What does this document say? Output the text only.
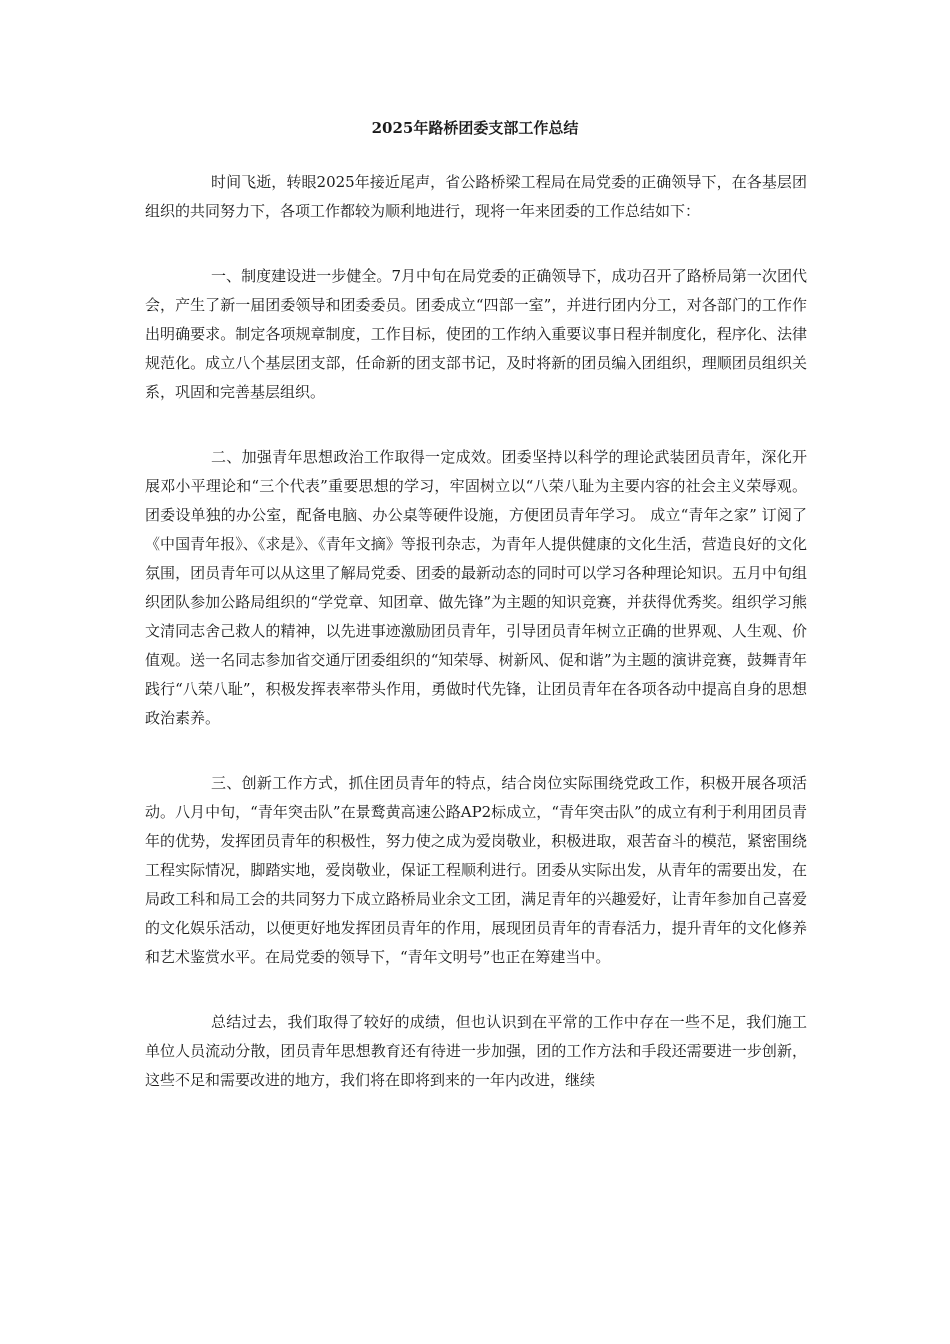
2025年路桥团委支部工作总结

时间飞逝，转眼2025年接近尾声，省公路桥梁工程局在局党委的正确领导下，在各基层团组织的共同努力下，各项工作都较为顺利地进行，现将一年来团委的工作总结如下：

一、制度建设进一步健全。7月中旬在局党委的正确领导下，成功召开了路桥局第一次团代会，产生了新一届团委领导和团委委员。团委成立“四部一室”，并进行团内分工，对各部门的工作作出明确要求。制定各项规章制度，工作目标，使团的工作纳入重要议事日程并制度化，程序化、法律规范化。成立八个基层团支部，任命新的团支部书记，及时将新的团员编入团组织，理顺团员组织关系，巩固和完善基层组织。

二、加强青年思想政治工作取得一定成效。团委坚持以科学的理论武装团员青年，深化开展邓小平理论和“三个代表”重要思想的学习，牢固树立以“八荣八耻为主要内容的社会主义荣辱观。团委设单独的办公室，配备电脑、办公桌等硬件设施，方便团员青年学习。 成立“青年之家” 订阅了《中国青年报》、《求是》、《青年文摘》等报刊杂志，为青年人提供健康的文化生活，营造良好的文化氛围，团员青年可以从这里了解局党委、团委的最新动态的同时可以学习各种理论知识。五月中旬组织团队参加公路局组织的“学党章、知团章、做先锋”为主题的知识竞赛，并获得优秀奖。组织学习熊文清同志舍己救人的精神，以先进事迹激励团员青年，引导团员青年树立正确的世界观、人生观、价值观。送一名同志参加省交通厅团委组织的“知荣辱、树新风、促和谐”为主题的演讲竞赛，鼓舞青年践行“八荣八耻”，积极发挥表率带头作用，勇做时代先锋，让团员青年在各项各动中提高自身的思想政治素养。

三、创新工作方式，抓住团员青年的特点，结合岗位实际围绕党政工作，积极开展各项活动。八月中旬，“青年突击队”在景鹜黄高速公路AP2标成立，“青年突击队”的成立有利于利用团员青年的优势，发挥团员青年的积极性，努力使之成为爱岗敬业，积极进取，艰苦奋斗的模范，紧密围绕工程实际情况，脚踏实地，爱岗敬业，保证工程顺利进行。团委从实际出发，从青年的需要出发，在局政工科和局工会的共同努力下成立路桥局业余文工团，满足青年的兴趣爱好，让青年参加自己喜爱的文化娱乐活动，以便更好地发挥团员青年的作用，展现团员青年的青春活力，提升青年的文化修养和艺术鉴赏水平。在局党委的领导下，“青年文明号”也正在筹建当中。

总结过去，我们取得了较好的成绩，但也认识到在平常的工作中存在一些不足，我们施工单位人员流动分散，团员青年思想教育还有待进一步加强，团的工作方法和手段还需要进一步创新，这些不足和需要改进的地方，我们将在即将到来的一年内改进，继续
